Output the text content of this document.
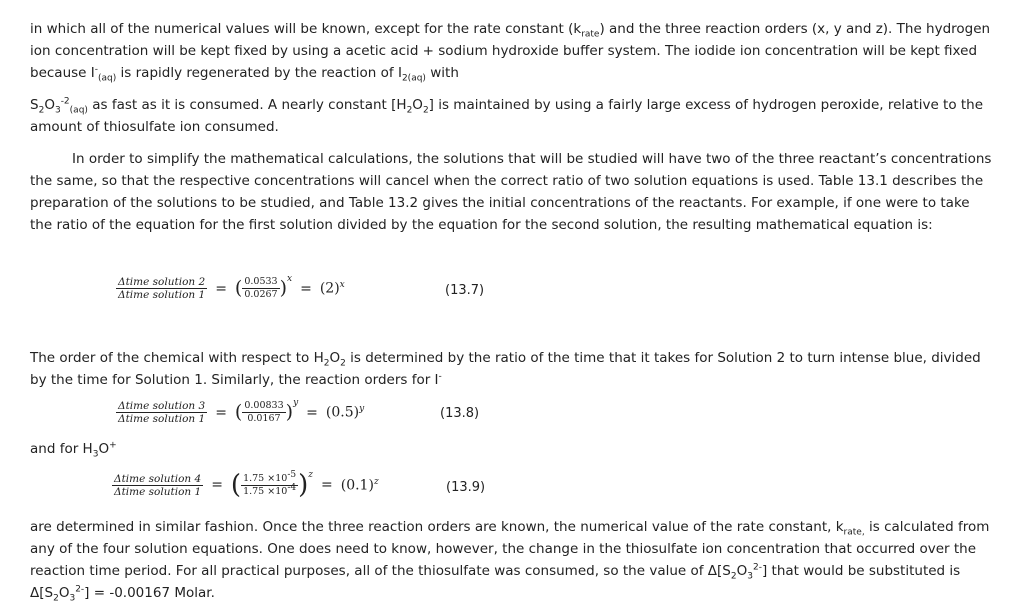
in which all of the numerical values will be known, except for the rate constant $(k_{rate})$ and the three reaction orders (x, y and z). The hydrogen ion concentration will be kept fixed by using a acetic acid + sodium hydroxide buffer system. The iodide ion concentration will be kept fixed because $I^-_{(aq)}$ is rapidly regenerated by the reaction of $I_{2(aq)}$ with

$S_2O_3^{-2}_{(aq)}$ as fast as it is consumed. A nearly constant $[H_2O_2]$ is maintained by using a fairly large excess of hydrogen peroxide, relative to the amount of thiosulfate ion consumed.

In order to simplify the mathematical calculations, the solutions that will be studied will have two of the three reactant’s concentrations the same, so that the respective concentrations will cancel when the correct ratio of two solution equations is used. Table 13.1 describes the preparation of the solutions to be studied, and Table 13.2 gives the initial concentrations of the reactants. For example, if one were to take the ratio of the equation for the first solution divided by the equation for the second solution, the resulting mathematical equation is:

$\frac{\text{Δtime solution 2}}{\text{Δtime solution 1}}$ = ( $\frac{0.0533}{0.0267}$ ) x
= $(2)^x$	(13.7)

The order of the chemical with respect to $H_2O_2$ is determined by the ratio of the time that it takes for Solution 2 to turn intense blue, divided by the time for Solution 1. Similarly, the reaction orders for I-

$\frac{\text{Δtime solution 3}}{\text{Δtime solution 1}}$ = ( $\frac{0.00833}{0.0167}$ ) y
= $(0.5)^y$	(13.8)

and for $H_3O^+$

$\frac{\text{Δtime solution 4}}{\text{Δtime solution 1}}$ = ( $\frac{1.75 \times 10^{-5}}{1.75 \times 10^{-4}}$ ) z
= $(0.1)^z$	(13.9)

are determined in similar fashion. Once the three reaction orders are known, the numerical value of the rate constant, $k_{rate,}$ is calculated from any of the four solution equations. One does need to know, however, the change in the thiosulfate ion concentration that occurred over the reaction time period. For all practical purposes, all of the thiosulfate was consumed, so the value of $\Delta[S_2O_3^{2-}]$ that would be substituted is $\Delta[S_2O_3^{2-}] = -0.00167$ Molar.
